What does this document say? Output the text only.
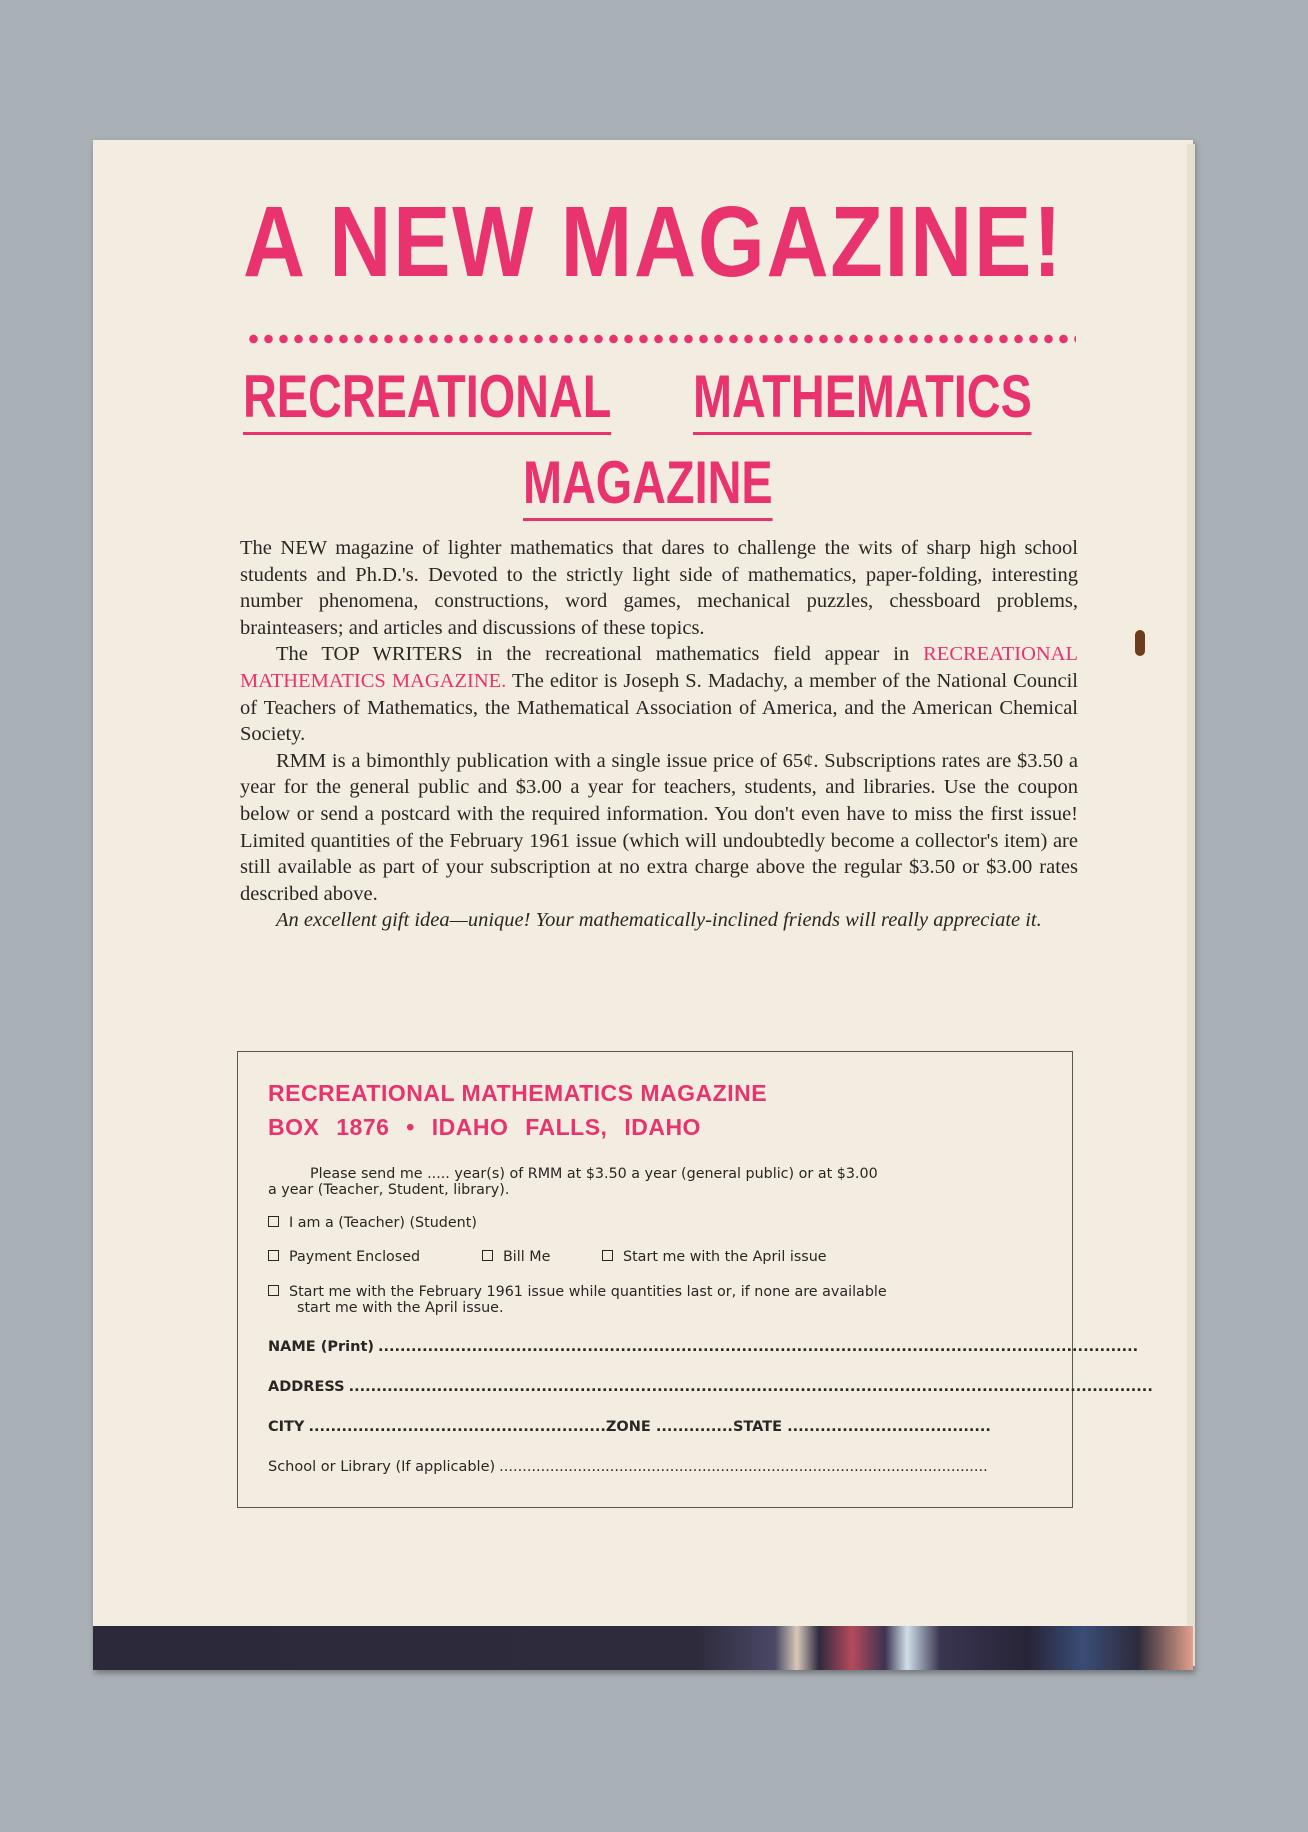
A NEW MAGAZINE!
RECREATIONAL MATHEMATICS
MAGAZINE

The NEW magazine of lighter mathematics that dares to challenge the wits of sharp high school students and Ph.D.'s. Devoted to the strictly light side of mathematics, paper-folding, interesting number phenomena, constructions, word games, mechanical puzzles, chessboard problems, brainteasers; and articles and discussions of these topics.

The TOP WRITERS in the recreational mathematics field appear in RECREATIONAL MATHEMATICS MAGAZINE. The editor is Joseph S. Madachy, a member of the National Council of Teachers of Mathematics, the Mathematical Association of America, and the American Chemical Society.

RMM is a bimonthly publication with a single issue price of 65¢. Subscriptions rates are $3.50 a year for the general public and $3.00 a year for teachers, students, and libraries. Use the coupon below or send a postcard with the required information. You don't even have to miss the first issue! Limited quantities of the February 1961 issue (which will undoubtedly become a collector's item) are still available as part of your subscription at no extra charge above the regular $3.50 or $3.00 rates described above.

An excellent gift idea—unique! Your mathematically-inclined friends will really appreciate it.

RECREATIONAL MATHEMATICS MAGAZINE
BOX 1876 • IDAHO FALLS, IDAHO
Please send me ..... year(s) of RMM at $3.50 a year (general public) or at $3.00
a year (Teacher, Student, library).
I am a (Teacher) (Student)
Payment Enclosed	Bill Me	Start me with the April issue
Start me with the February 1961 issue while quantities last or, if none are available
start me with the April issue.
NAME (Print) ..........................................................................................................................................
ADDRESS ..................................................................................................................................................
CITY ......................................................ZONE ..............STATE .....................................
School or Library (If applicable)..........................................................................................................
